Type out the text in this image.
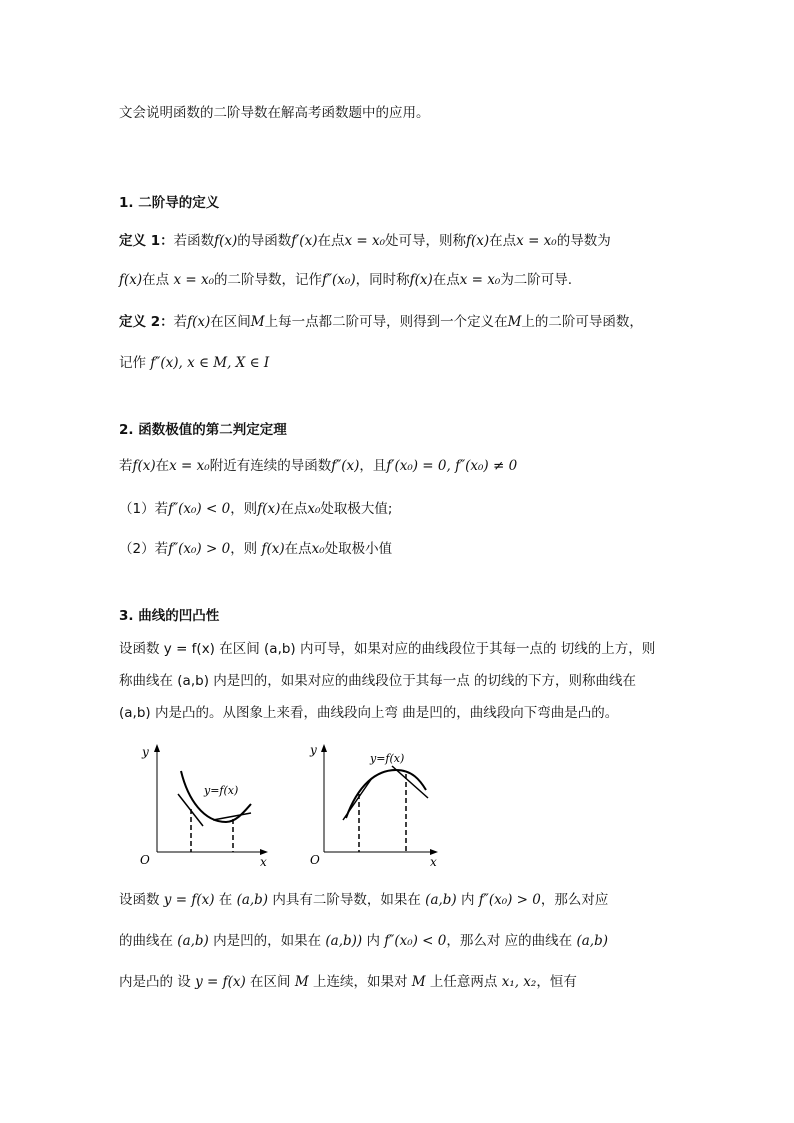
文会说明函数的二阶导数在解高考函数题中的应用。
1. 二阶导的定义
定义 1：若函数f(x)的导函数f′(x)在点x = x₀处可导，则称f(x)在点x = x₀的导数为
f(x)在点 x = x₀的二阶导数，记作f″(x₀)，同时称f(x)在点x = x₀为二阶可导.
定义 2：若f(x)在区间M上每一点都二阶可导，则得到一个定义在M上的二阶可导函数，
记作 f″(x), x ∈ M, X ∈ I
2. 函数极值的第二判定定理
若f(x)在x = x₀附近有连续的导函数f″(x)，且f′(x₀) = 0, f″(x₀) ≠ 0
（1）若f″(x₀) < 0，则f(x)在点x₀处取极大值;
（2）若f″(x₀) > 0，则 f(x)在点x₀处取极小值
3. 曲线的凹凸性
设函数 y = f(x) 在区间 (a,b) 内可导，如果对应的曲线段位于其每一点的 切线的上方，则
称曲线在 (a,b) 内是凹的，如果对应的曲线段位于其每一点 的切线的下方，则称曲线在
(a,b) 内是凸的。从图象上来看，曲线段向上弯 曲是凹的，曲线段向下弯曲是凸的。
y
x
O
y=f(x)
y
x
O
y=f(x)
设函数 y = f(x) 在 (a,b) 内具有二阶导数，如果在 (a,b) 内 f″(x₀) > 0，那么对应
的曲线在 (a,b) 内是凹的，如果在 (a,b)) 内 f″(x₀) < 0，那么对 应的曲线在 (a,b)
内是凸的 设 y = f(x) 在区间 M 上连续，如果对 M 上任意两点 x₁, x₂，恒有
